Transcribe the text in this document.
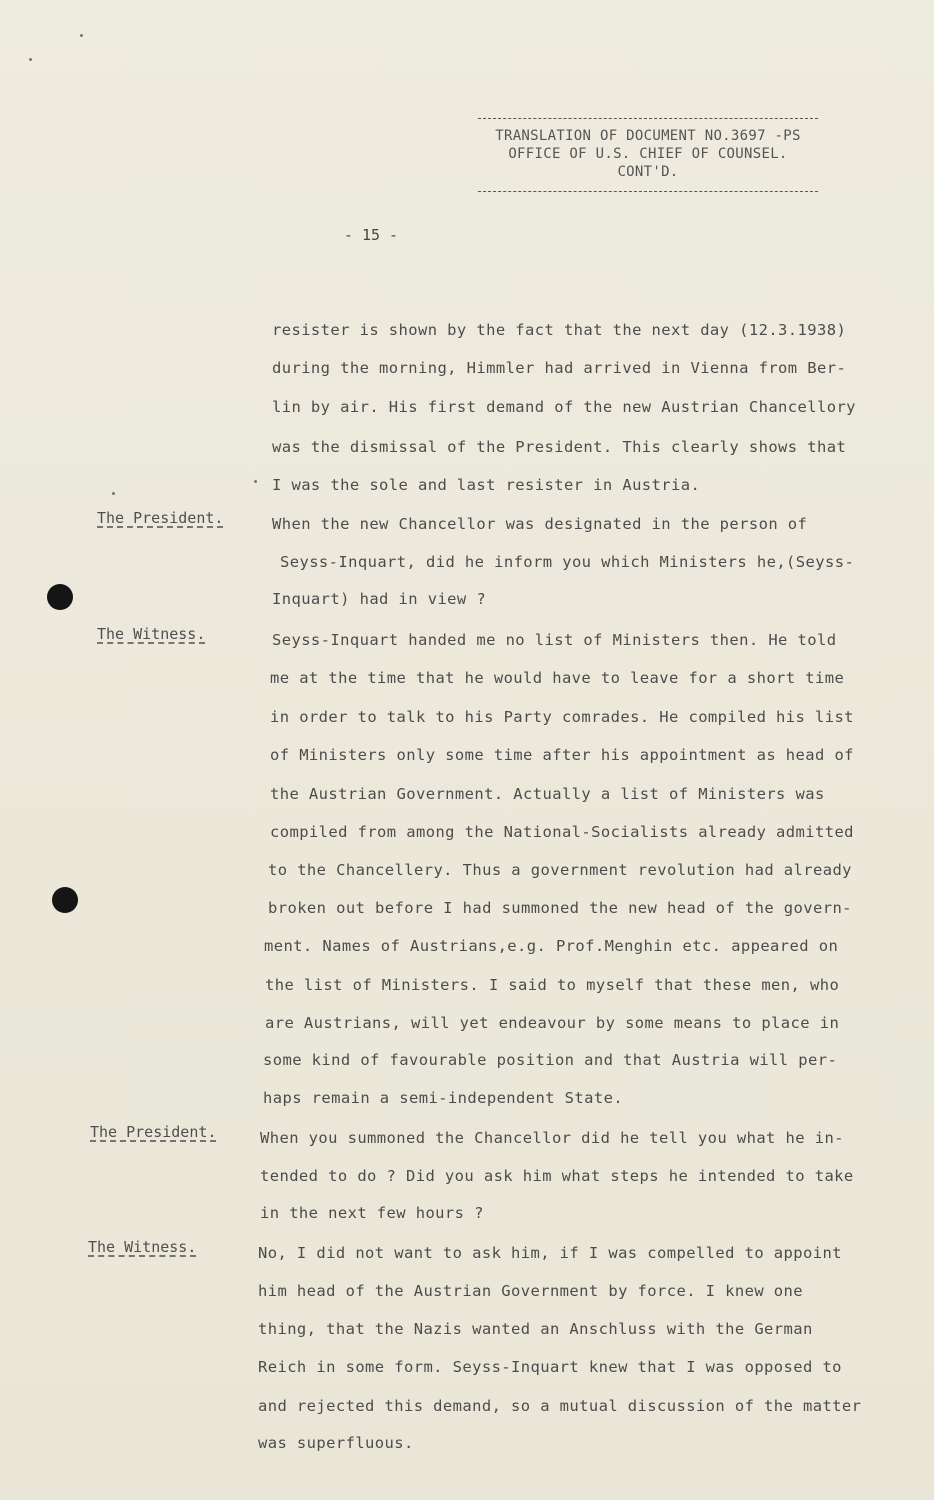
TRANSLATION OF DOCUMENT NO.3697 -PS
OFFICE OF U.S. CHIEF OF COUNSEL.
CONT'D.
- 15 -
The President.
The Witness.
The President.
The Witness.
resister is shown by the fact that the next day (12.3.1938)
during the morning, Himmler had arrived in Vienna from Ber-
lin by air. His first demand of the new Austrian Chancellory
was the dismissal of the President. This clearly shows that
I was the sole and last resister in Austria.
When the new Chancellor was designated in the person of
Seyss-Inquart, did he inform you which Ministers he,(Seyss-
Inquart) had in view ?
Seyss-Inquart handed me no list of Ministers then. He told
me at the time that he would have to leave for a short time
in order to talk to his Party comrades. He compiled his list
of Ministers only some time after his appointment as head of
the Austrian Government. Actually a list of Ministers was
compiled from among the National-Socialists already admitted
to the Chancellery. Thus a government revolution had already
broken out before I had summoned the new head of the govern-
ment. Names of Austrians,e.g. Prof.Menghin etc. appeared on
the list of Ministers. I said to myself that these men, who
are Austrians, will yet endeavour by some means to place in
some kind of favourable position and that Austria will per-
haps remain a semi-independent State.
When you summoned the Chancellor did he tell you what he in-
tended to do ? Did you ask him what steps he intended to take
in the next few hours ?
No, I did not want to ask him, if I was compelled to appoint
him head of the Austrian Government by force. I knew one
thing, that the Nazis wanted an Anschluss with the German
Reich in some form. Seyss-Inquart knew that I was opposed to
and rejected this demand, so a mutual discussion of the matter
was superfluous.
